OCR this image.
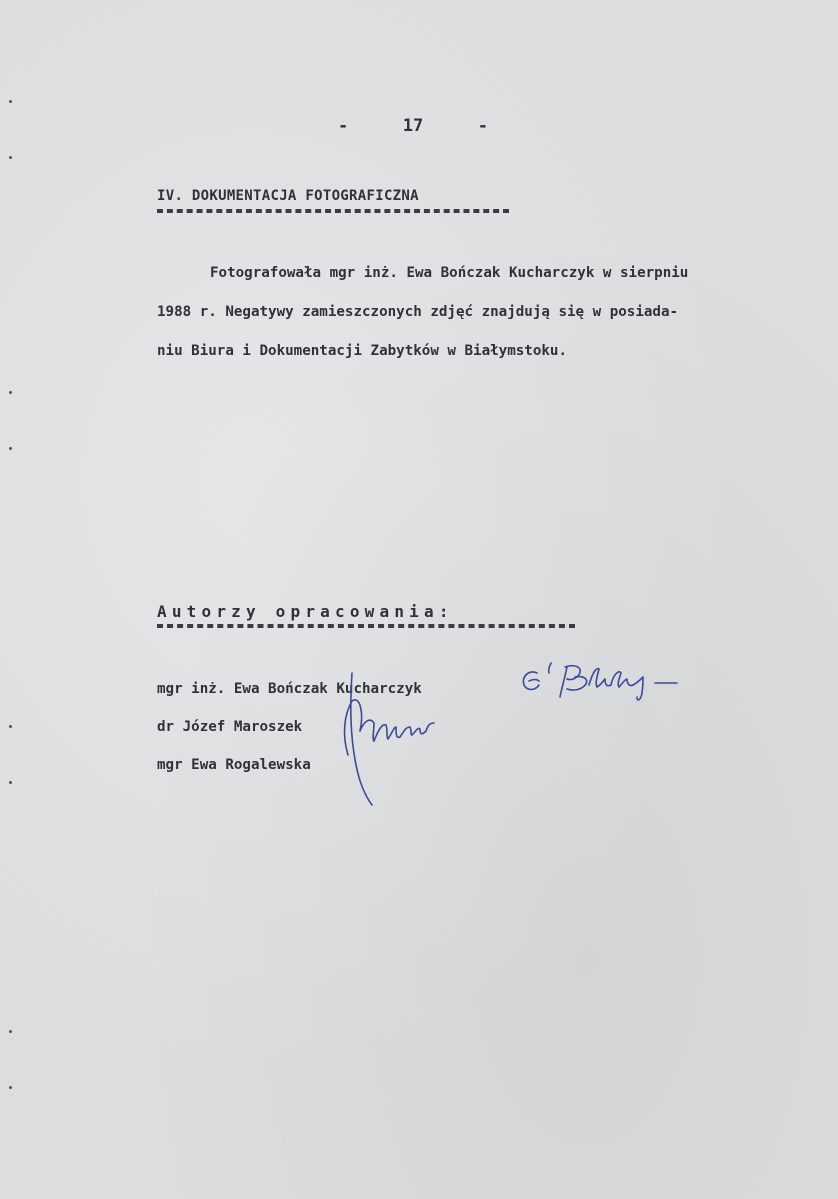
-	17	-
IV. DOKUMENTACJA FOTOGRAFICZNA
Fotografowała mgr inż. Ewa Bończak Kucharczyk w sierpniu
1988 r. Negatywy zamieszczonych zdjęć znajdują się w posiada-
niu Biura i Dokumentacji Zabytków w Białymstoku.
Autorzy opracowania:
mgr inż. Ewa Bończak Kucharczyk
dr Józef Maroszek
mgr Ewa Rogalewska
